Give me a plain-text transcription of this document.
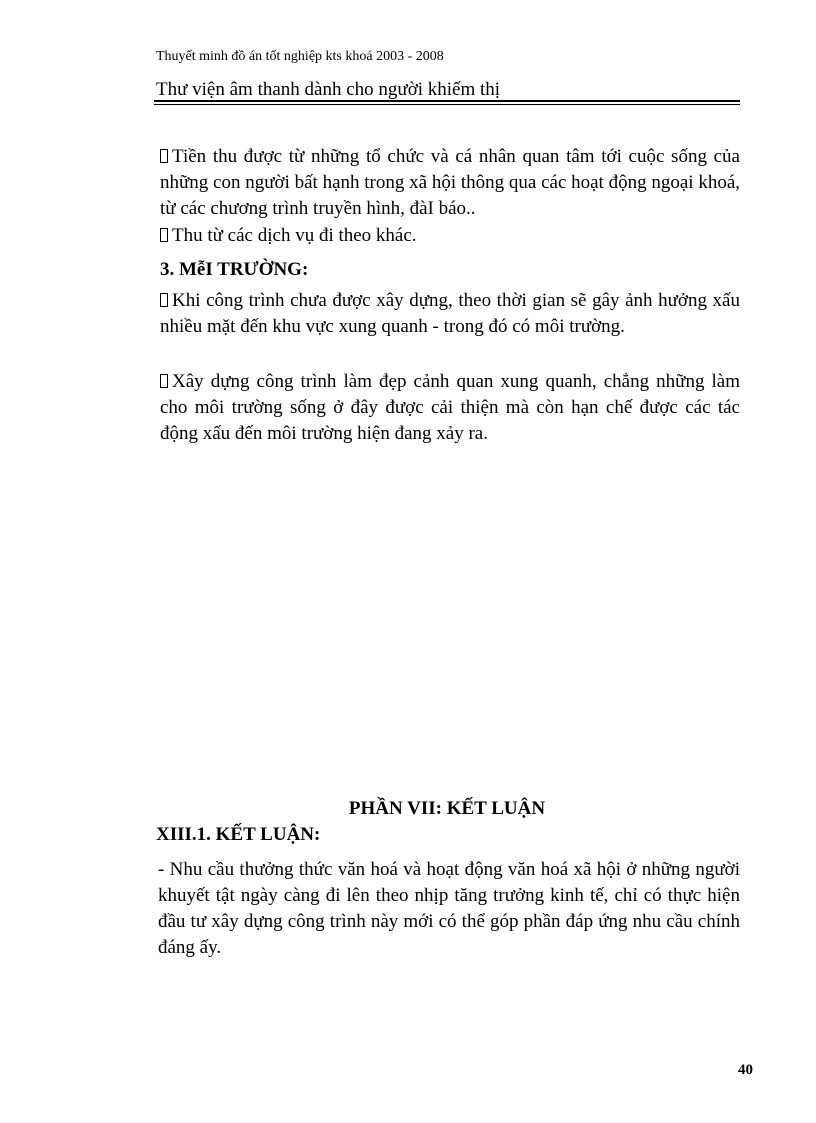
Thuyết minh đồ án tốt nghiệp kts khoá 2003 - 2008
Thư viện âm thanh dành cho người khiếm thị
Tiền thu được từ những tổ chức và cá nhân quan tâm tới cuộc sống của những con người bất hạnh trong xã hội thông qua các hoạt động ngoại khoá, từ các chương trình truyền hình, đàI báo..
Thu từ các dịch vụ đi theo khác.
3. MễI TRƯỜNG:
Khi công trình chưa được xây dựng, theo thời gian sẽ gây ảnh hưởng xấu nhiều mặt đến khu vực xung quanh - trong đó có môi trường.
Xây dựng công trình làm đẹp cảnh quan xung quanh, chẳng những làm cho môi trường sống ở đây được cải thiện mà còn hạn chế được các tác động xấu đến môi trường hiện đang xảy ra.
PHẦN VII: KẾT LUẬN
XIII.1. KẾT LUẬN:
- Nhu cầu thưởng thức văn hoá và hoạt động văn hoá xã hội ở những người khuyết tật ngày càng đi lên theo nhịp tăng trưởng kinh tế, chỉ có thực hiện đầu tư xây dựng công trình này mới có thể góp phần đáp ứng nhu cầu chính đáng ấy.
40
